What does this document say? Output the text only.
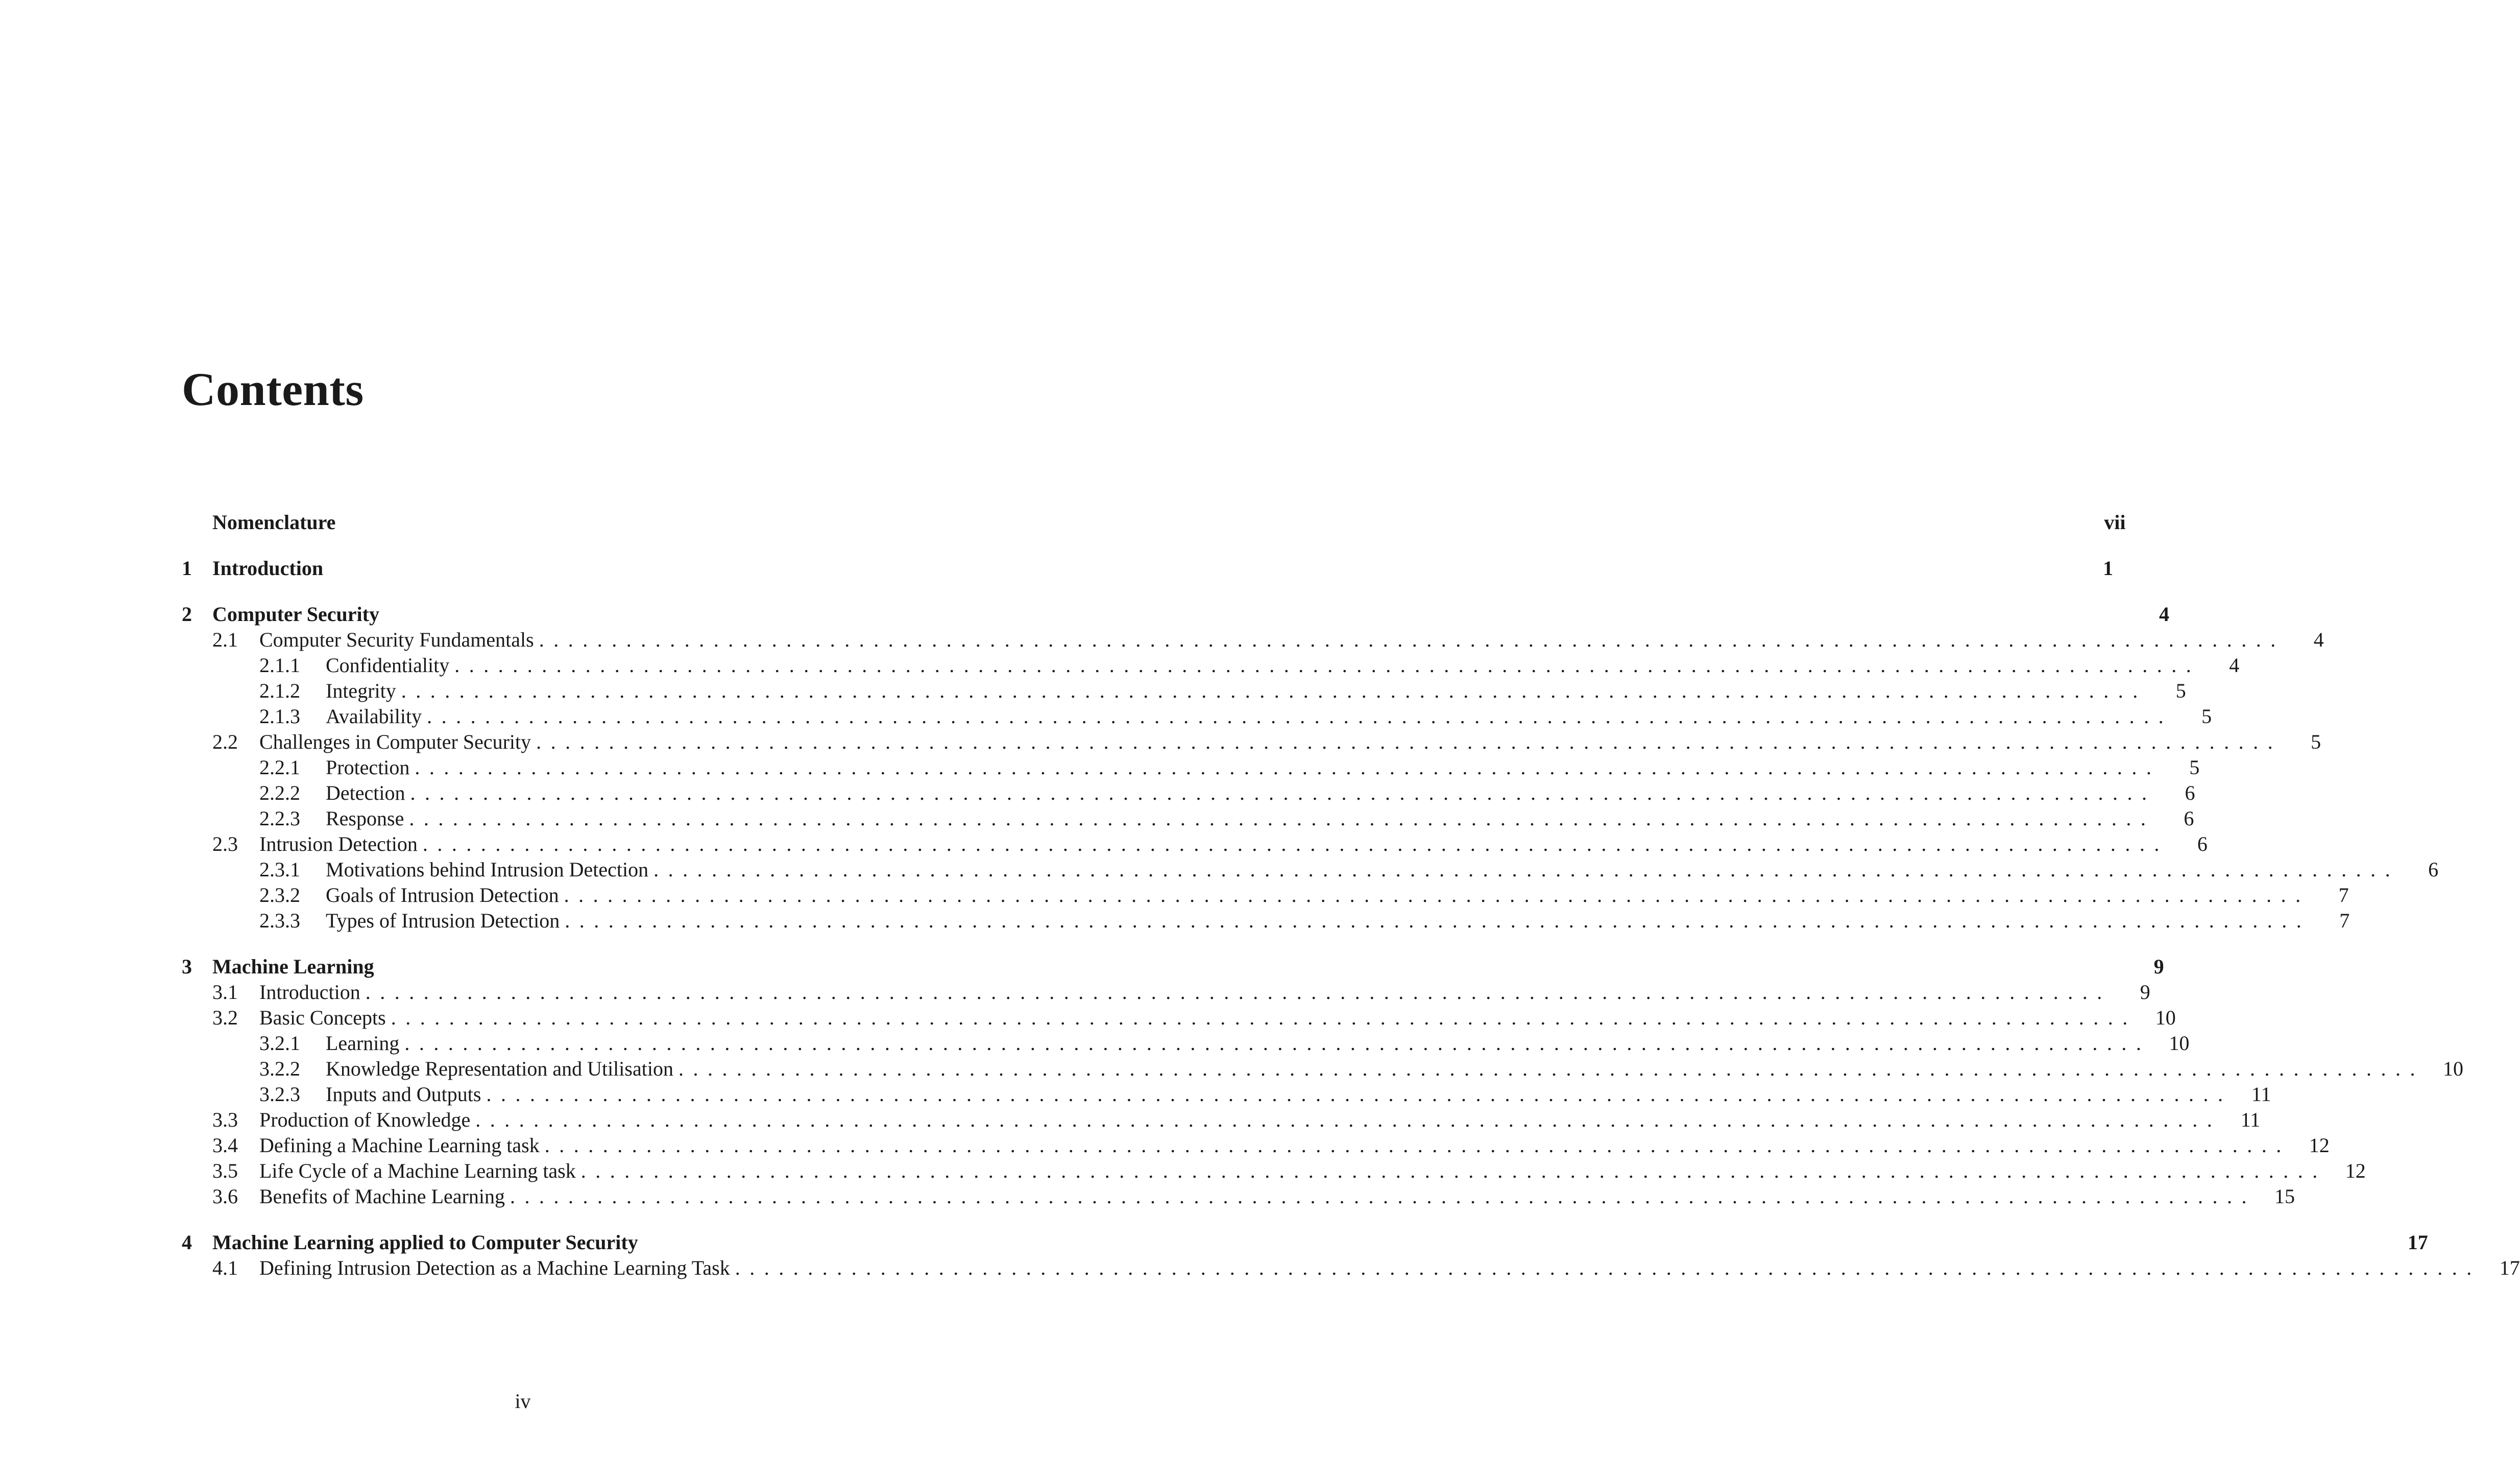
Contents
Nomenclature	vii
1	Introduction	1
2	Computer Security	4
2.1	Computer Security Fundamentals ........................................................................................................................	4
2.1.1	Confidentiality ........................................................................................................................	4
2.1.2	Integrity ........................................................................................................................	5
2.1.3	Availability ........................................................................................................................	5
2.2	Challenges in Computer Security ........................................................................................................................	5
2.2.1	Protection ........................................................................................................................	5
2.2.2	Detection ........................................................................................................................	6
2.2.3	Response ........................................................................................................................	6
2.3	Intrusion Detection ........................................................................................................................	6
2.3.1	Motivations behind Intrusion Detection ........................................................................................................................	6
2.3.2	Goals of Intrusion Detection ........................................................................................................................	7
2.3.3	Types of Intrusion Detection ........................................................................................................................	7
3	Machine Learning	9
3.1	Introduction ........................................................................................................................	9
3.2	Basic Concepts ........................................................................................................................ 10
3.2.1	Learning ........................................................................................................................ 10
3.2.2	Knowledge Representation and Utilisation ........................................................................................................................ 10
3.2.3	Inputs and Outputs ........................................................................................................................ 11
3.3	Production of Knowledge ........................................................................................................................ 11
3.4	Defining a Machine Learning task ........................................................................................................................ 12
3.5	Life Cycle of a Machine Learning task ........................................................................................................................ 12
3.6	Benefits of Machine Learning ........................................................................................................................ 15
4	Machine Learning applied to Computer Security	17
4.1	Defining Intrusion Detection as a Machine Learning Task ........................................................................................................................ 17
iv
